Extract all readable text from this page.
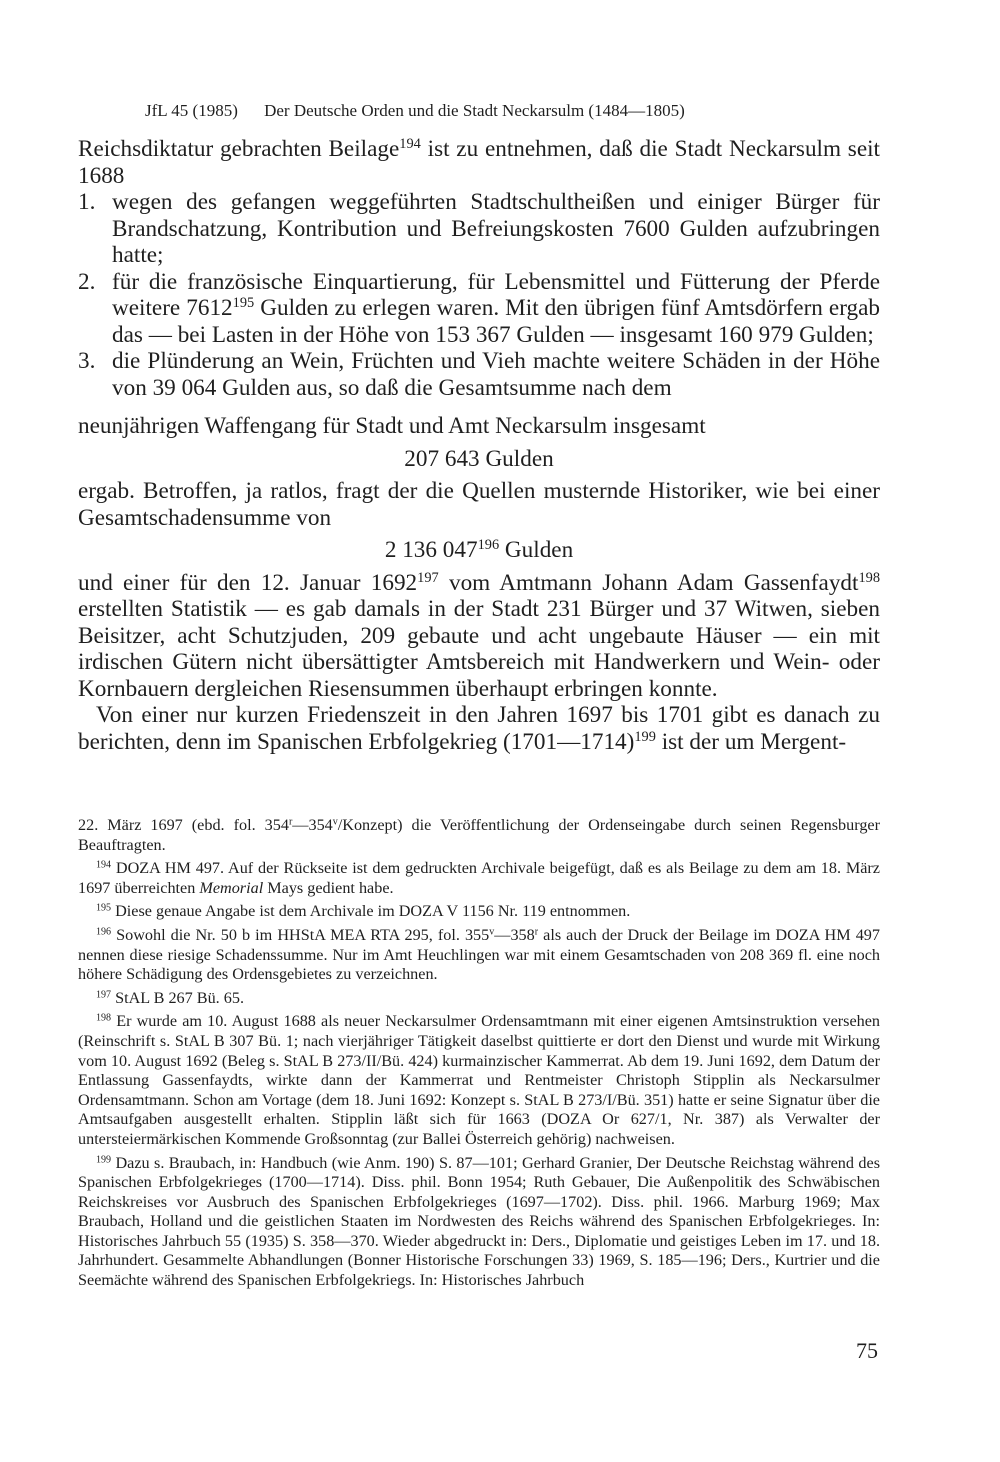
JfL 45 (1985) Der Deutsche Orden und die Stadt Neckarsulm (1484—1805)

Reichsdiktatur gebrachten Beilage$^{194}$ ist zu entnehmen, daß die Stadt Neckarsulm seit 1688

1. wegen des gefangen weggeführten Stadtschultheißen und einiger Bürger für Brandschatzung, Kontribution und Befreiungskosten 7600 Gulden aufzubringen hatte;
2. für die französische Einquartierung, für Lebensmittel und Fütterung der Pferde weitere 7612$^{195}$ Gulden zu erlegen waren. Mit den übrigen fünf Amtsdörfern ergab das — bei Lasten in der Höhe von 153 367 Gulden — insgesamt 160 979 Gulden;
3. die Plünderung an Wein, Früchten und Vieh machte weitere Schäden in der Höhe von 39 064 Gulden aus, so daß die Gesamtsumme nach dem

neunjährigen Waffengang für Stadt und Amt Neckarsulm insgesamt

207 643 Gulden

ergab. Betroffen, ja ratlos, fragt der die Quellen musternde Historiker, wie bei einer Gesamtschadensumme von

2 136 $047^{196}$ Gulden

und einer für den 12. Januar 1692$^{197}$ vom Amtmann Johann Adam Gassenfaydt$^{198}$ erstellten Statistik — es gab damals in der Stadt 231 Bürger und 37 Witwen, sieben Beisitzer, acht Schutzjuden, 209 gebaute und acht ungebaute Häuser — ein mit irdischen Gütern nicht übersättigter Amtsbereich mit Handwerkern und Wein- oder Kornbauern dergleichen Riesensummen überhaupt erbringen konnte.

Von einer nur kurzen Friedenszeit in den Jahren 1697 bis 1701 gibt es danach zu berichten, denn im Spanischen Erbfolgekrieg (1701—1714)$^{199}$ ist der um Mergent-

22. März 1697 (ebd. fol. 354$^r$—354$^v$/Konzept) die Veröffentlichung der Ordenseingabe durch seinen Regensburger Beauftragten.

$^{194}$ DOZA HM 497. Auf der Rückseite ist dem gedruckten Archivale beigefügt, daß es als Beilage zu dem am 18. März 1697 überreichten Memorial Mays gedient habe.

$^{195}$ Diese genaue Angabe ist dem Archivale im DOZA V 1156 Nr. 119 entnommen.

$^{196}$ Sowohl die Nr. 50 b im HHStA MEA RTA 295, fol. 355$^v$—358$^r$ als auch der Druck der Beilage im DOZA HM 497 nennen diese riesige Schadenssumme. Nur im Amt Heuchlingen war mit einem Gesamtschaden von 208 369 fl. eine noch höhere Schädigung des Ordensgebietes zu verzeichnen.

$^{197}$ StAL B 267 Bü. 65.

$^{198}$ Er wurde am 10. August 1688 als neuer Neckarsulmer Ordensamtmann mit einer eigenen Amtsinstruktion versehen (Reinschrift s. StAL B 307 Bü. 1; nach vierjähriger Tätigkeit daselbst quittierte er dort den Dienst und wurde mit Wirkung vom 10. August 1692 (Beleg s. StAL B 273/II/Bü. 424) kurmainzischer Kammerrat. Ab dem 19. Juni 1692, dem Datum der Entlassung Gassenfaydts, wirkte dann der Kammerrat und Rentmeister Christoph Stipplin als Neckarsulmer Ordensamtmann. Schon am Vortage (dem 18. Juni 1692: Konzept s. StAL B 273/I/Bü. 351) hatte er seine Signatur über die Amtsaufgaben ausgestellt erhalten. Stipplin läßt sich für 1663 (DOZA Or 627/1, Nr. 387) als Verwalter der untersteiermärkischen Kommende Großsonntag (zur Ballei Österreich gehörig) nachweisen.

$^{199}$ Dazu s. Braubach, in: Handbuch (wie Anm. 190) S. 87—101; Gerhard Granier, Der Deutsche Reichstag während des Spanischen Erbfolgekrieges (1700—1714). Diss. phil. Bonn 1954; Ruth Gebauer, Die Außenpolitik des Schwäbischen Reichskreises vor Ausbruch des Spanischen Erbfolgekrieges (1697—1702). Diss. phil. 1966. Marburg 1969; Max Braubach, Holland und die geistlichen Staaten im Nordwesten des Reichs während des Spanischen Erbfolgekrieges. In: Historisches Jahrbuch 55 (1935) S. 358—370. Wieder abgedruckt in: Ders., Diplomatie und geistiges Leben im 17. und 18. Jahrhundert. Gesammelte Abhandlungen (Bonner Historische Forschungen 33) 1969, S. 185—196; Ders., Kurtrier und die Seemächte während des Spanischen Erbfolgekriegs. In: Historisches Jahrbuch

75
